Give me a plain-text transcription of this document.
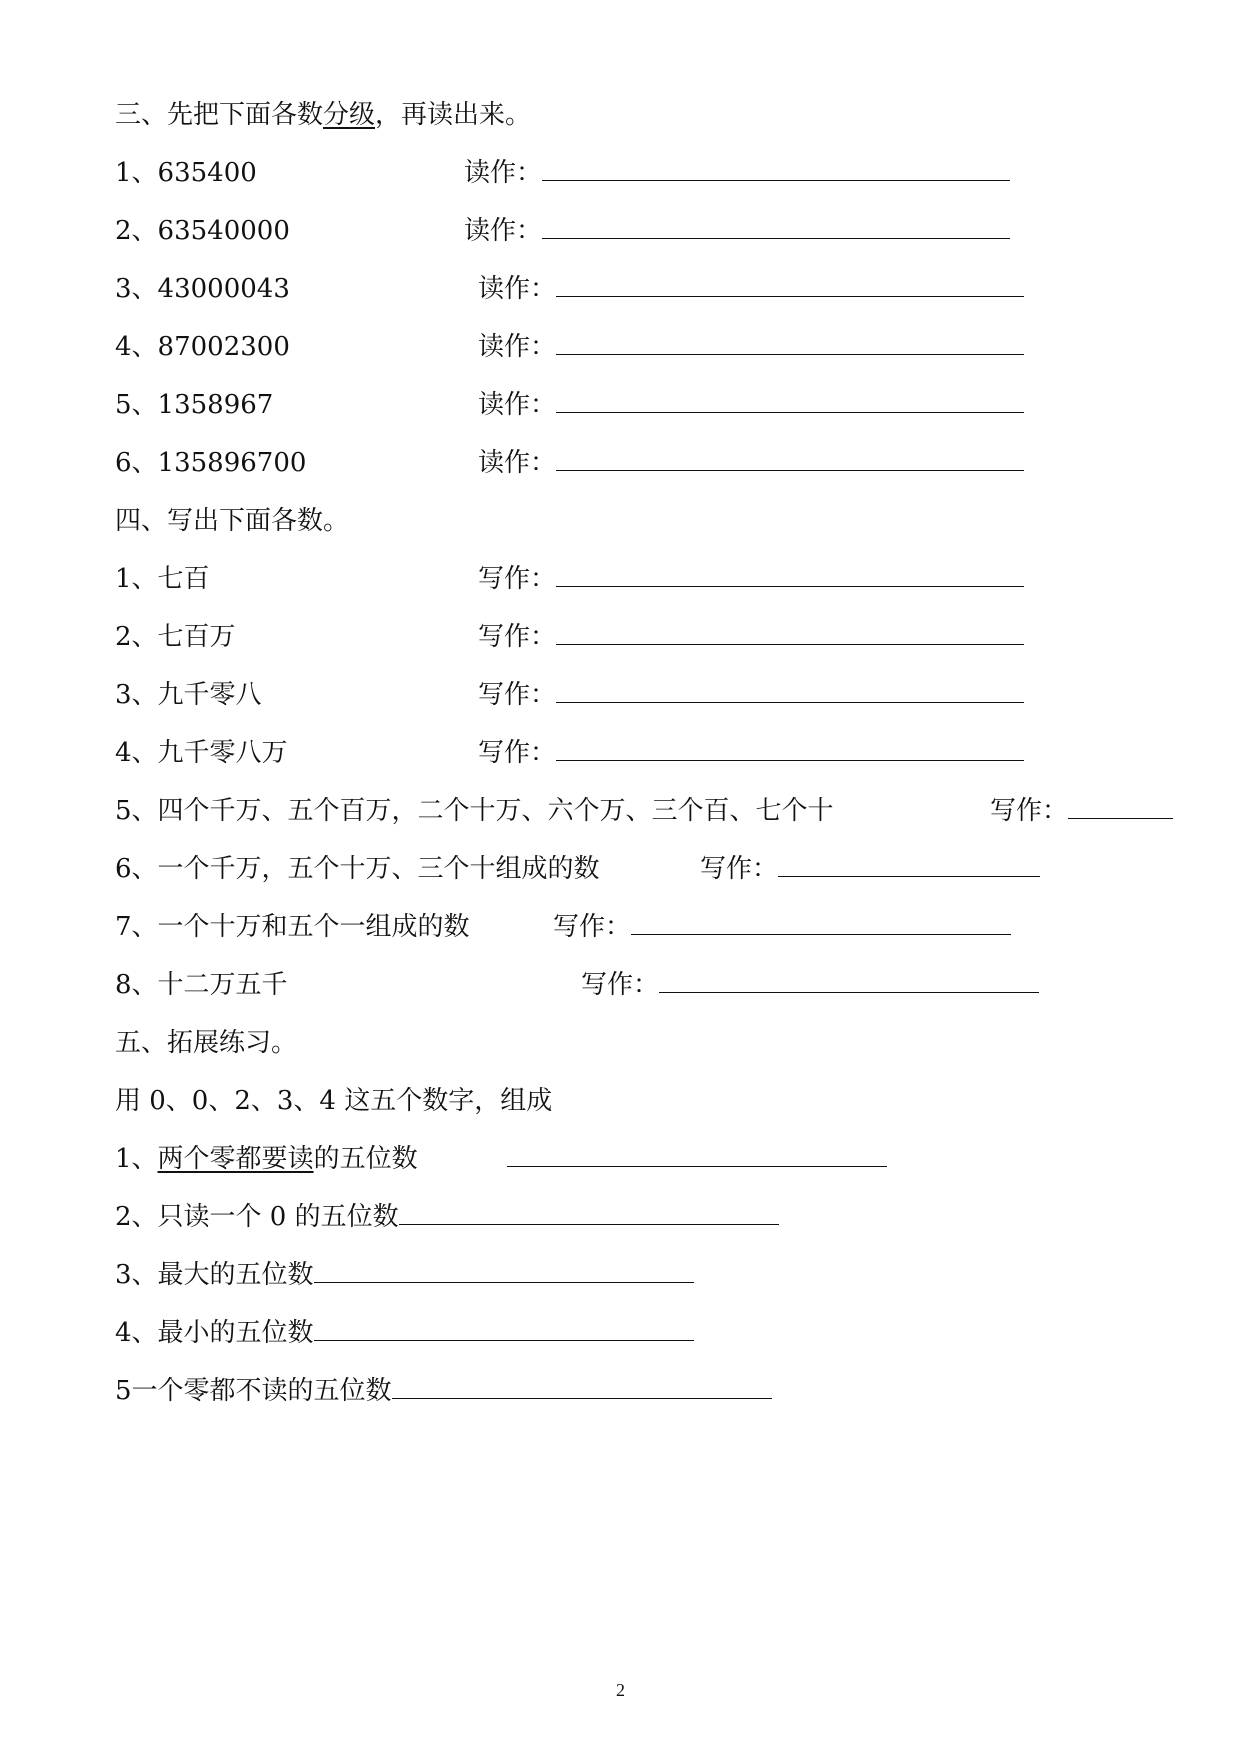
三、先把下面各数分级，再读出来。
1、635400	读作：
2、63540000	读作：
3、43000043	读作：
4、87002300	读作：
5、1358967	读作：
6、135896700	读作：
四、写出下面各数。
1、七百	写作：
2、七百万	写作：
3、九千零八	写作：
4、九千零八万	写作：
5、四个千万、五个百万，二个十万、六个万、三个百、七个十	写作：
6、一个千万，五个十万、三个十组成的数	写作：
7、一个十万和五个一组成的数	写作：
8、十二万五千	写作：
五、拓展练习。
用 0、0、2、3、4 这五个数字，组成
1、两个零都要读的五位数
2、只读一个 0 的五位数
3、最大的五位数
4、最小的五位数
5一个零都不读的五位数
2
